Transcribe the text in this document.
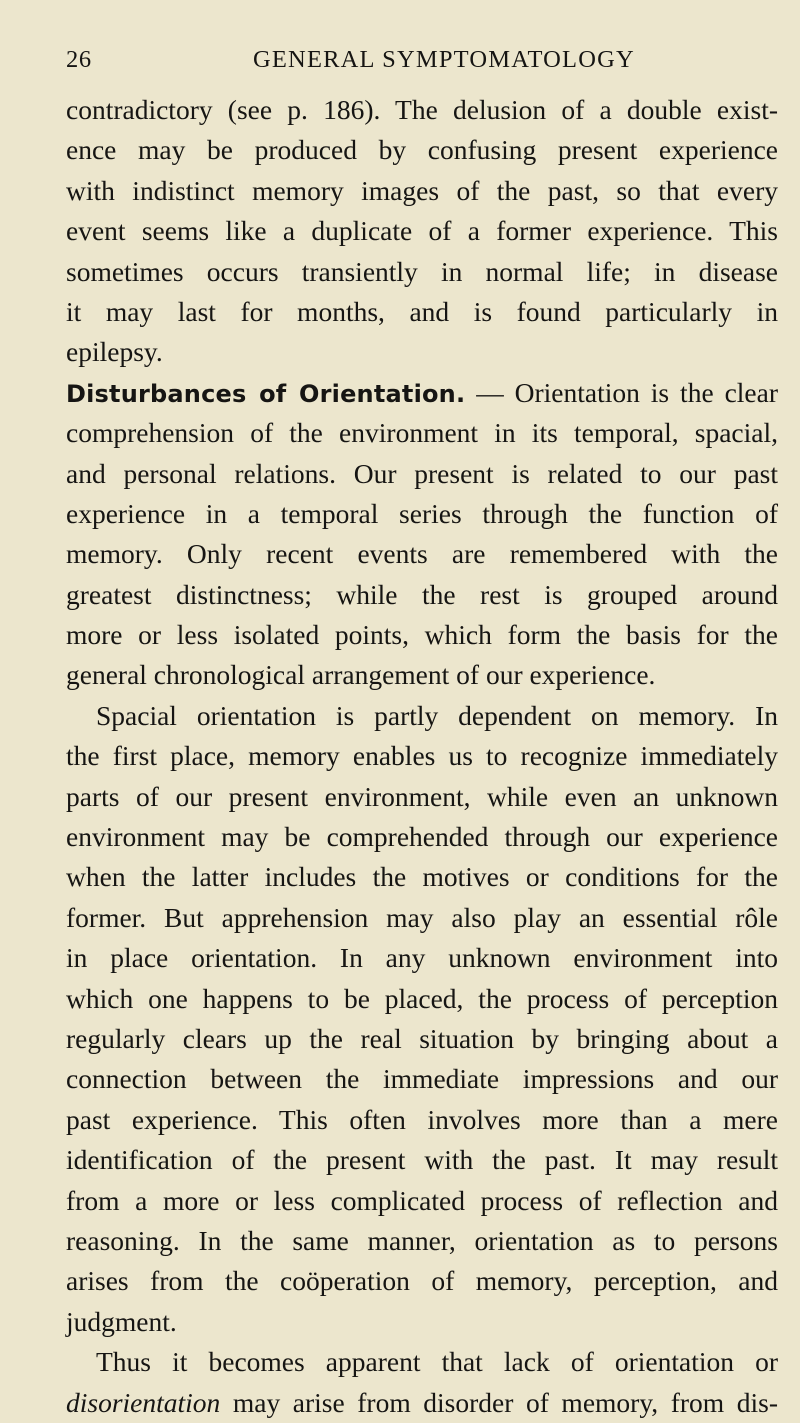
26	GENERAL SYMPTOMATOLOGY
contradictory (see p. 186). The delusion of a double exist-
ence may be produced by confusing present experience
with indistinct memory images of the past, so that every
event seems like a duplicate of a former experience. This
sometimes occurs transiently in normal life; in disease
it may last for months, and is found particularly in
epilepsy.
Disturbances of Orientation. — Orientation is the clear
comprehension of the environment in its temporal, spacial,
and personal relations. Our present is related to our past
experience in a temporal series through the function of
memory. Only recent events are remembered with the
greatest distinctness; while the rest is grouped around
more or less isolated points, which form the basis for the
general chronological arrangement of our experience.
Spacial orientation is partly dependent on memory. In
the first place, memory enables us to recognize immediately
parts of our present environment, while even an unknown
environment may be comprehended through our experience
when the latter includes the motives or conditions for the
former. But apprehension may also play an essential rôle
in place orientation. In any unknown environment into
which one happens to be placed, the process of perception
regularly clears up the real situation by bringing about a
connection between the immediate impressions and our
past experience. This often involves more than a mere
identification of the present with the past. It may result
from a more or less complicated process of reflection and
reasoning. In the same manner, orientation as to persons
arises from the coöperation of memory, perception, and
judgment.
Thus it becomes apparent that lack of orientation or
disorientation may arise from disorder of memory, from dis-
